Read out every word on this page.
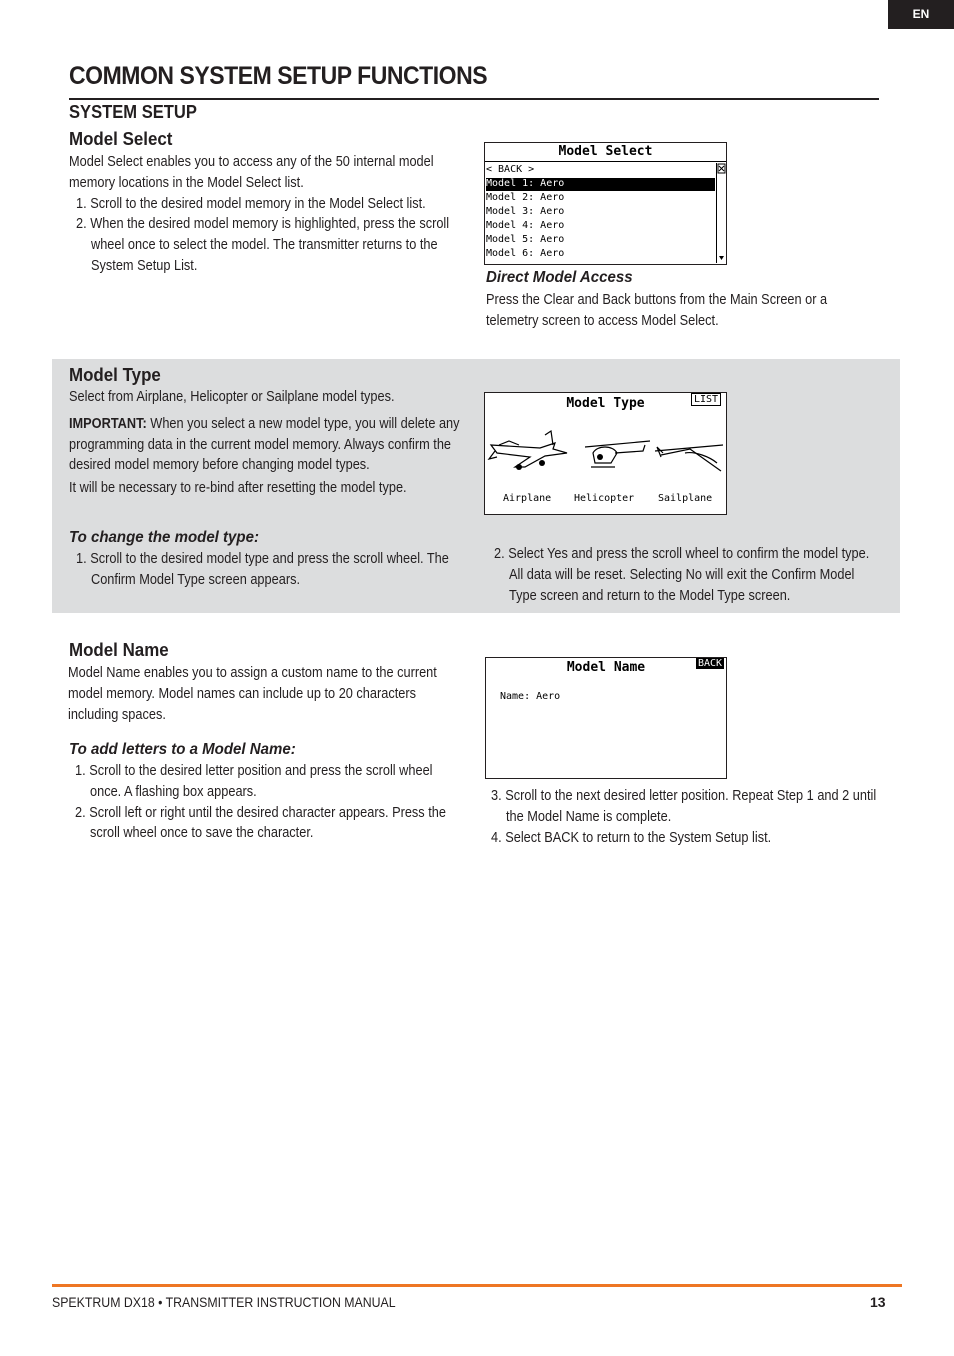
EN
COMMON SYSTEM SETUP FUNCTIONS
SYSTEM SETUP
Model Select

Model Select enables you to access any of the 50 internal model memory locations in the Model Select list.

1. Scroll to the desired model memory in the Model Select list.

2. When the desired model memory is highlighted, press the scroll wheel once to select the model. The transmitter returns to the System Setup List.

Model Select
< BACK >
Model 1: Aero
Model 2: Aero
Model 3: Aero
Model 4: Aero
Model 5: Aero
Model 6: Aero
Direct Model Access
Press the Clear and Back buttons from the Main Screen or a telemetry screen to access Model Select.
Model Type

Select from Airplane, Helicopter or Sailplane model types.

IMPORTANT: When you select a new model type, you will delete any programming data in the current model memory. Always confirm the desired model memory before changing model types.

It will be necessary to re-bind after resetting the model type.

To change the model type:

1. Scroll to the desired model type and press the scroll wheel. The Confirm Model Type screen appears.

2. Select Yes and press the scroll wheel to confirm the model type. All data will be reset. Selecting No will exit the Confirm Model Type screen and return to the Model Type screen.

Model Type	LIST
Airplane Helicopter Sailplane
Model Name
Model Name enables you to assign a custom name to the current model memory. Model names can include up to 20 characters including spaces.
To add letters to a Model Name:

1. Scroll to the desired letter position and press the scroll wheel once. A flashing box appears.

2. Scroll left or right until the desired character appears. Press the scroll wheel once to save the character.

3. Scroll to the next desired letter position. Repeat Step 1 and 2 until the Model Name is complete.

4. Select BACK to return to the System Setup list.

Model Name	BACK
Name: Aero
SPEKTRUM DX18 • TRANSMITTER INSTRUCTION MANUAL	13
